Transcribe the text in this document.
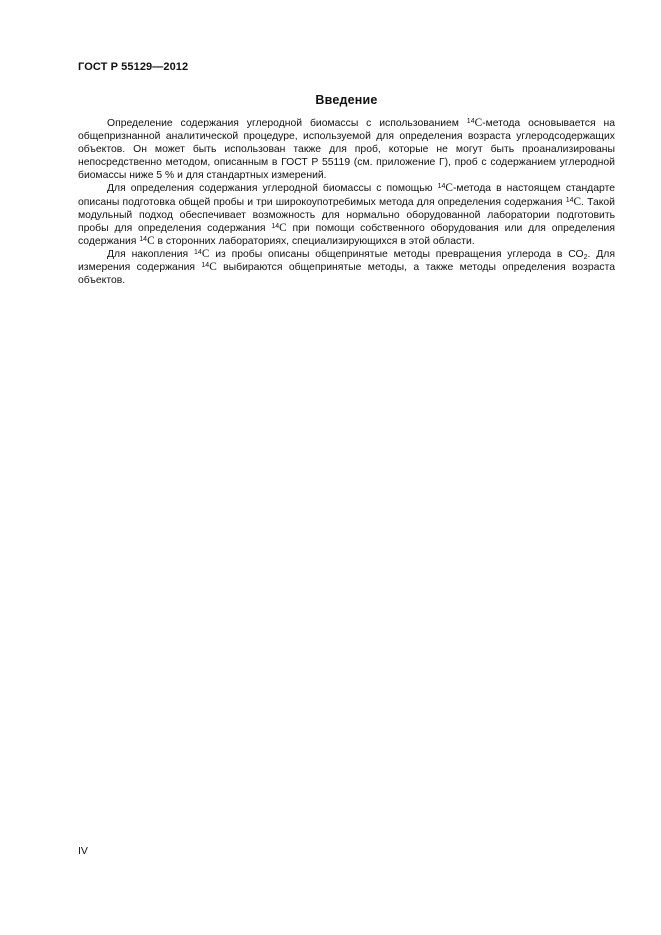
ГОСТ Р 55129—2012
Введение

Определение содержания углеродной биомассы с использованием $^{14}$С-метода основывается на общепризнанной аналитической процедуре, используемой для определения возраста углеродсодержащих объектов. Он может быть использован также для проб, которые не могут быть проанализированы непосредственно методом, описанным в ГОСТ Р 55119 (см. приложение Г), проб с содержанием углеродной биомассы ниже 5 % и для стандартных измерений.

Для определения содержания углеродной биомассы с помощью $^{14}$С-метода в настоящем стандарте описаны подготовка общей пробы и три широкоупотребимых метода для определения содержания $^{14}$С. Такой модульный подход обеспечивает возможность для нормально оборудованной лаборатории подготовить пробы для определения содержания $^{14}$С при помощи собственного оборудования или для определения содержания $^{14}$С в сторонних лабораториях, специализирующихся в этой области.

Для накопления $^{14}$С из пробы описаны общепринятые методы превращения углерода в $СО_2$. Для измерения содержания $^{14}$С выбираются общепринятые методы, а также методы определения возраста объектов.

IV
